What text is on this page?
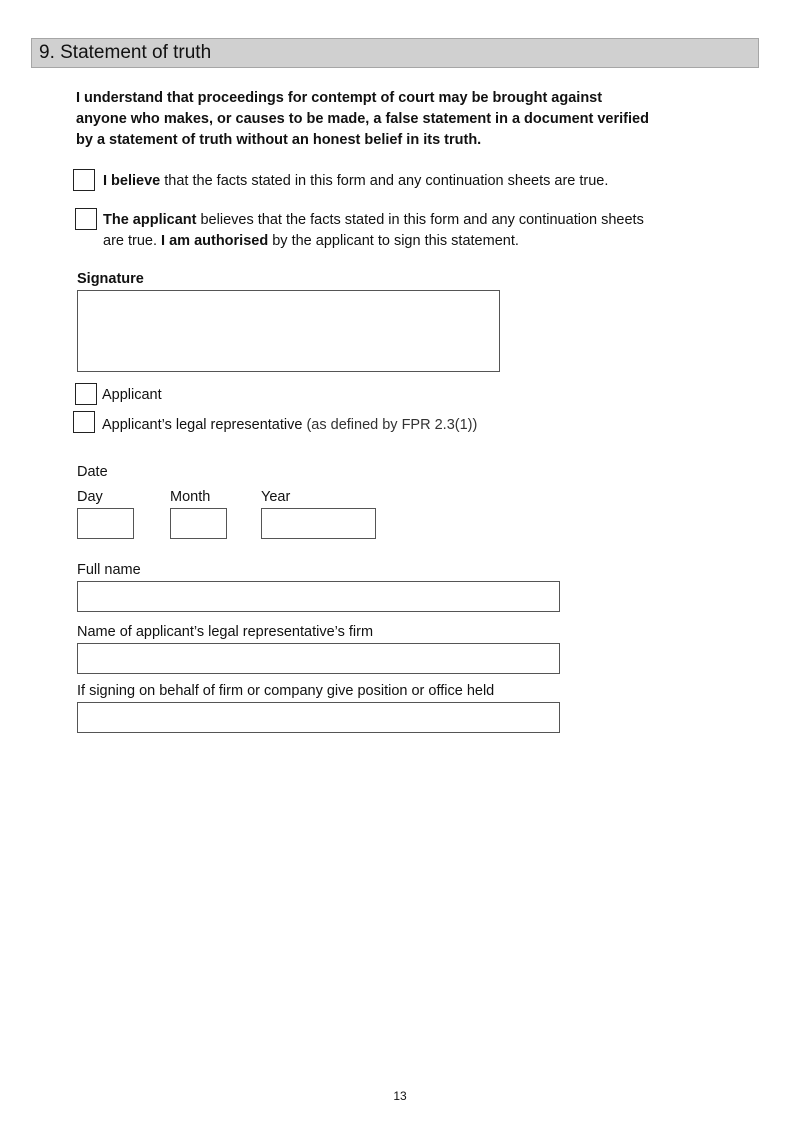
9. Statement of truth
I understand that proceedings for contempt of court may be brought against anyone who makes, or causes to be made, a false statement in a document verified by a statement of truth without an honest belief in its truth.
I believe that the facts stated in this form and any continuation sheets are true.
The applicant believes that the facts stated in this form and any continuation sheets are true. I am authorised by the applicant to sign this statement.
Signature
Applicant
Applicant’s legal representative (as defined by FPR 2.3(1))
Date
Day	Month	Year
Full name
Name of applicant’s legal representative’s firm
If signing on behalf of firm or company give position or office held
13
